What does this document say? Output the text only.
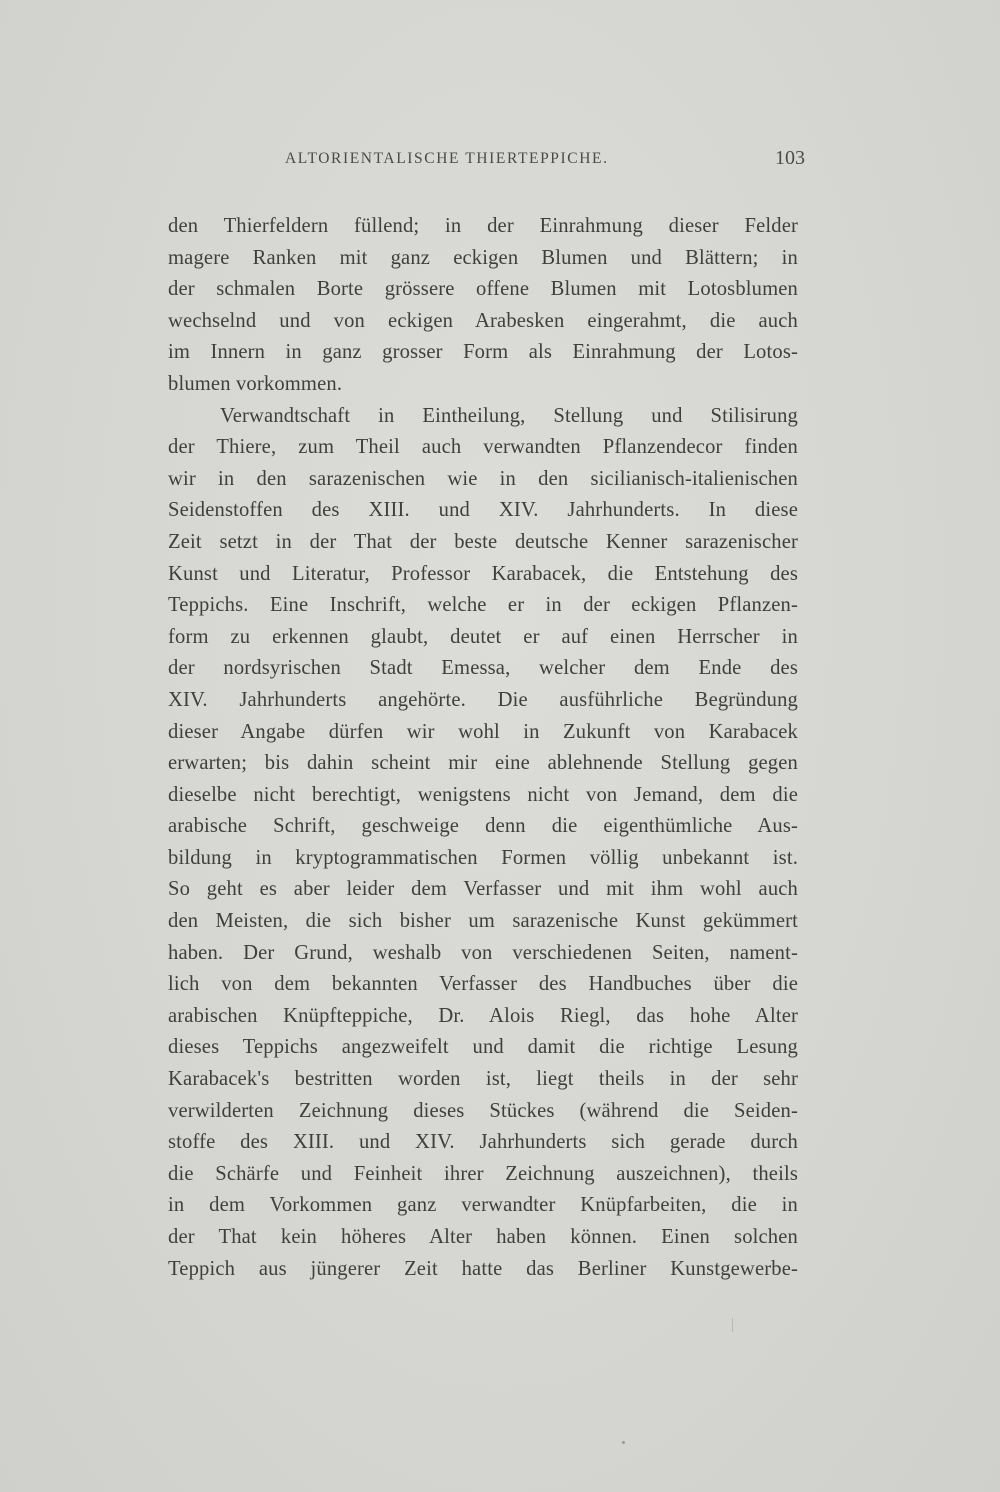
ALTORIENTALISCHE THIERTEPPICHE.	103
den Thierfeldern füllend; in der Einrahmung dieser Felder
magere Ranken mit ganz eckigen Blumen und Blättern; in
der schmalen Borte grössere offene Blumen mit Lotosblumen
wechselnd und von eckigen Arabesken eingerahmt, die auch
im Innern in ganz grosser Form als Einrahmung der Lotos-
blumen vorkommen.
Verwandtschaft in Eintheilung, Stellung und Stilisirung
der Thiere, zum Theil auch verwandten Pflanzendecor finden
wir in den sarazenischen wie in den sicilianisch-italienischen
Seidenstoffen des XIII. und XIV. Jahrhunderts. In diese
Zeit setzt in der That der beste deutsche Kenner sarazenischer
Kunst und Literatur, Professor Karabacek, die Entstehung des
Teppichs. Eine Inschrift, welche er in der eckigen Pflanzen-
form zu erkennen glaubt, deutet er auf einen Herrscher in
der nordsyrischen Stadt Emessa, welcher dem Ende des
XIV. Jahrhunderts angehörte. Die ausführliche Begründung
dieser Angabe dürfen wir wohl in Zukunft von Karabacek
erwarten; bis dahin scheint mir eine ablehnende Stellung gegen
dieselbe nicht berechtigt, wenigstens nicht von Jemand, dem die
arabische Schrift, geschweige denn die eigenthümliche Aus-
bildung in kryptogrammatischen Formen völlig unbekannt ist.
So geht es aber leider dem Verfasser und mit ihm wohl auch
den Meisten, die sich bisher um sarazenische Kunst gekümmert
haben. Der Grund, weshalb von verschiedenen Seiten, nament-
lich von dem bekannten Verfasser des Handbuches über die
arabischen Knüpfteppiche, Dr. Alois Riegl, das hohe Alter
dieses Teppichs angezweifelt und damit die richtige Lesung
Karabacek's bestritten worden ist, liegt theils in der sehr
verwilderten Zeichnung dieses Stückes (während die Seiden-
stoffe des XIII. und XIV. Jahrhunderts sich gerade durch
die Schärfe und Feinheit ihrer Zeichnung auszeichnen), theils
in dem Vorkommen ganz verwandter Knüpfarbeiten, die in
der That kein höheres Alter haben können. Einen solchen
Teppich aus jüngerer Zeit hatte das Berliner Kunstgewerbe-
